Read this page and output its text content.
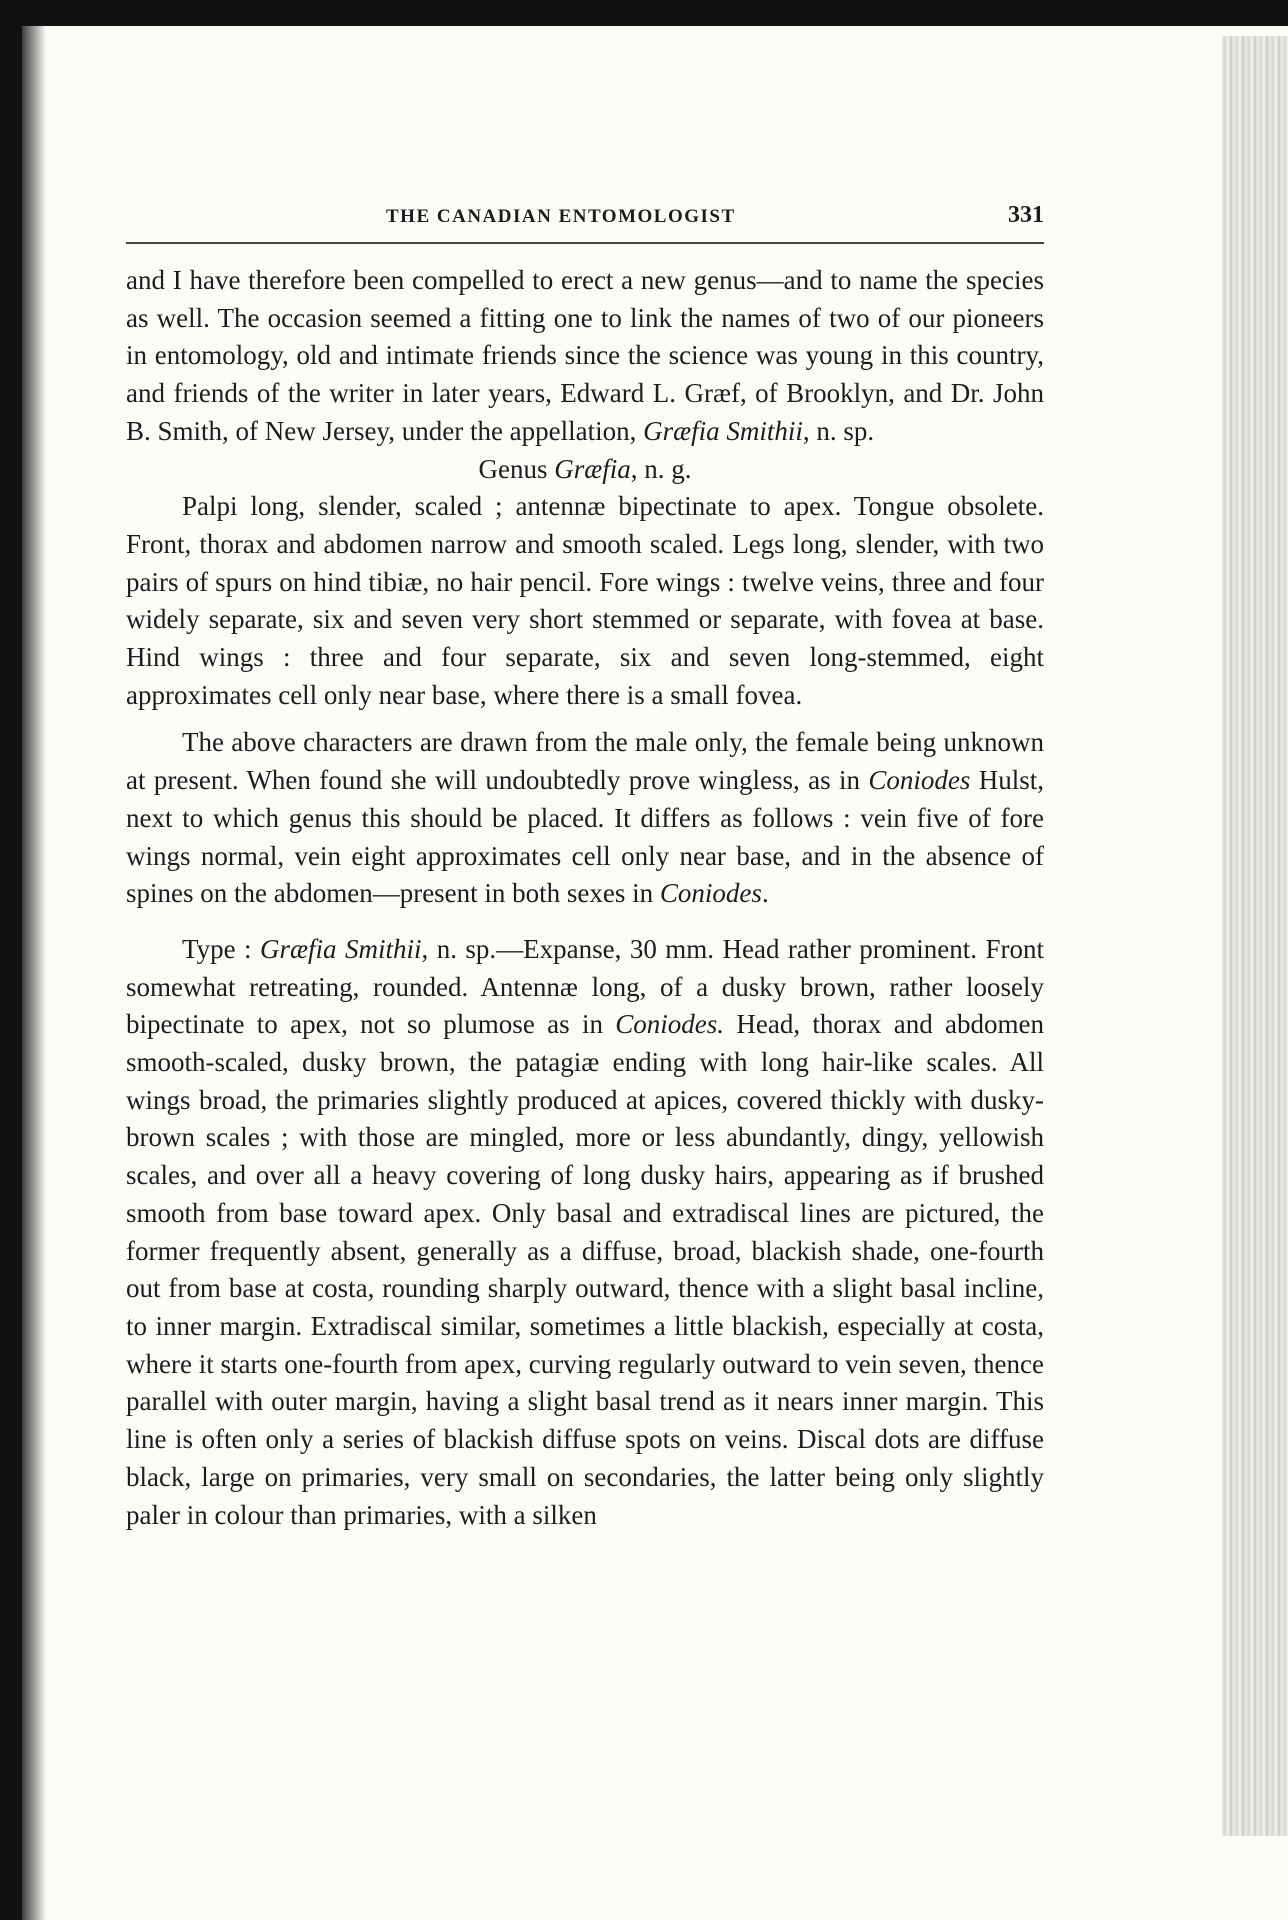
THE CANADIAN ENTOMOLOGIST	331

and I have therefore been compelled to erect a new genus—and to name the species as well. The occasion seemed a fitting one to link the names of two of our pioneers in entomology, old and intimate friends since the science was young in this country, and friends of the writer in later years, Edward L. Græf, of Brooklyn, and Dr. John B. Smith, of New Jersey, under the appellation, Græfia Smithii, n. sp.

Genus Græfia, n. g.

Palpi long, slender, scaled ; antennæ bipectinate to apex. Tongue obsolete. Front, thorax and abdomen narrow and smooth scaled. Legs long, slender, with two pairs of spurs on hind tibiæ, no hair pencil. Fore wings : twelve veins, three and four widely separate, six and seven very short stemmed or separate, with fovea at base. Hind wings : three and four separate, six and seven long-stemmed, eight approximates cell only near base, where there is a small fovea.

The above characters are drawn from the male only, the female being unknown at present. When found she will undoubtedly prove wingless, as in Coniodes Hulst, next to which genus this should be placed. It differs as follows : vein five of fore wings normal, vein eight approximates cell only near base, and in the absence of spines on the abdomen—present in both sexes in Coniodes.

Type : Græfia Smithii, n. sp.—Expanse, 30 mm. Head rather prominent. Front somewhat retreating, rounded. Antennæ long, of a dusky brown, rather loosely bipectinate to apex, not so plumose as in Coniodes. Head, thorax and abdomen smooth-scaled, dusky brown, the patagiæ ending with long hair-like scales. All wings broad, the primaries slightly produced at apices, covered thickly with dusky-brown scales ; with those are mingled, more or less abundantly, dingy, yellowish scales, and over all a heavy covering of long dusky hairs, appearing as if brushed smooth from base toward apex. Only basal and extradiscal lines are pictured, the former frequently absent, generally as a diffuse, broad, blackish shade, one-fourth out from base at costa, rounding sharply outward, thence with a slight basal incline, to inner margin. Extradiscal similar, sometimes a little blackish, especially at costa, where it starts one-fourth from apex, curving regularly outward to vein seven, thence parallel with outer margin, having a slight basal trend as it nears inner margin. This line is often only a series of blackish diffuse spots on veins. Discal dots are diffuse black, large on primaries, very small on secondaries, the latter being only slightly paler in colour than primaries, with a silken
